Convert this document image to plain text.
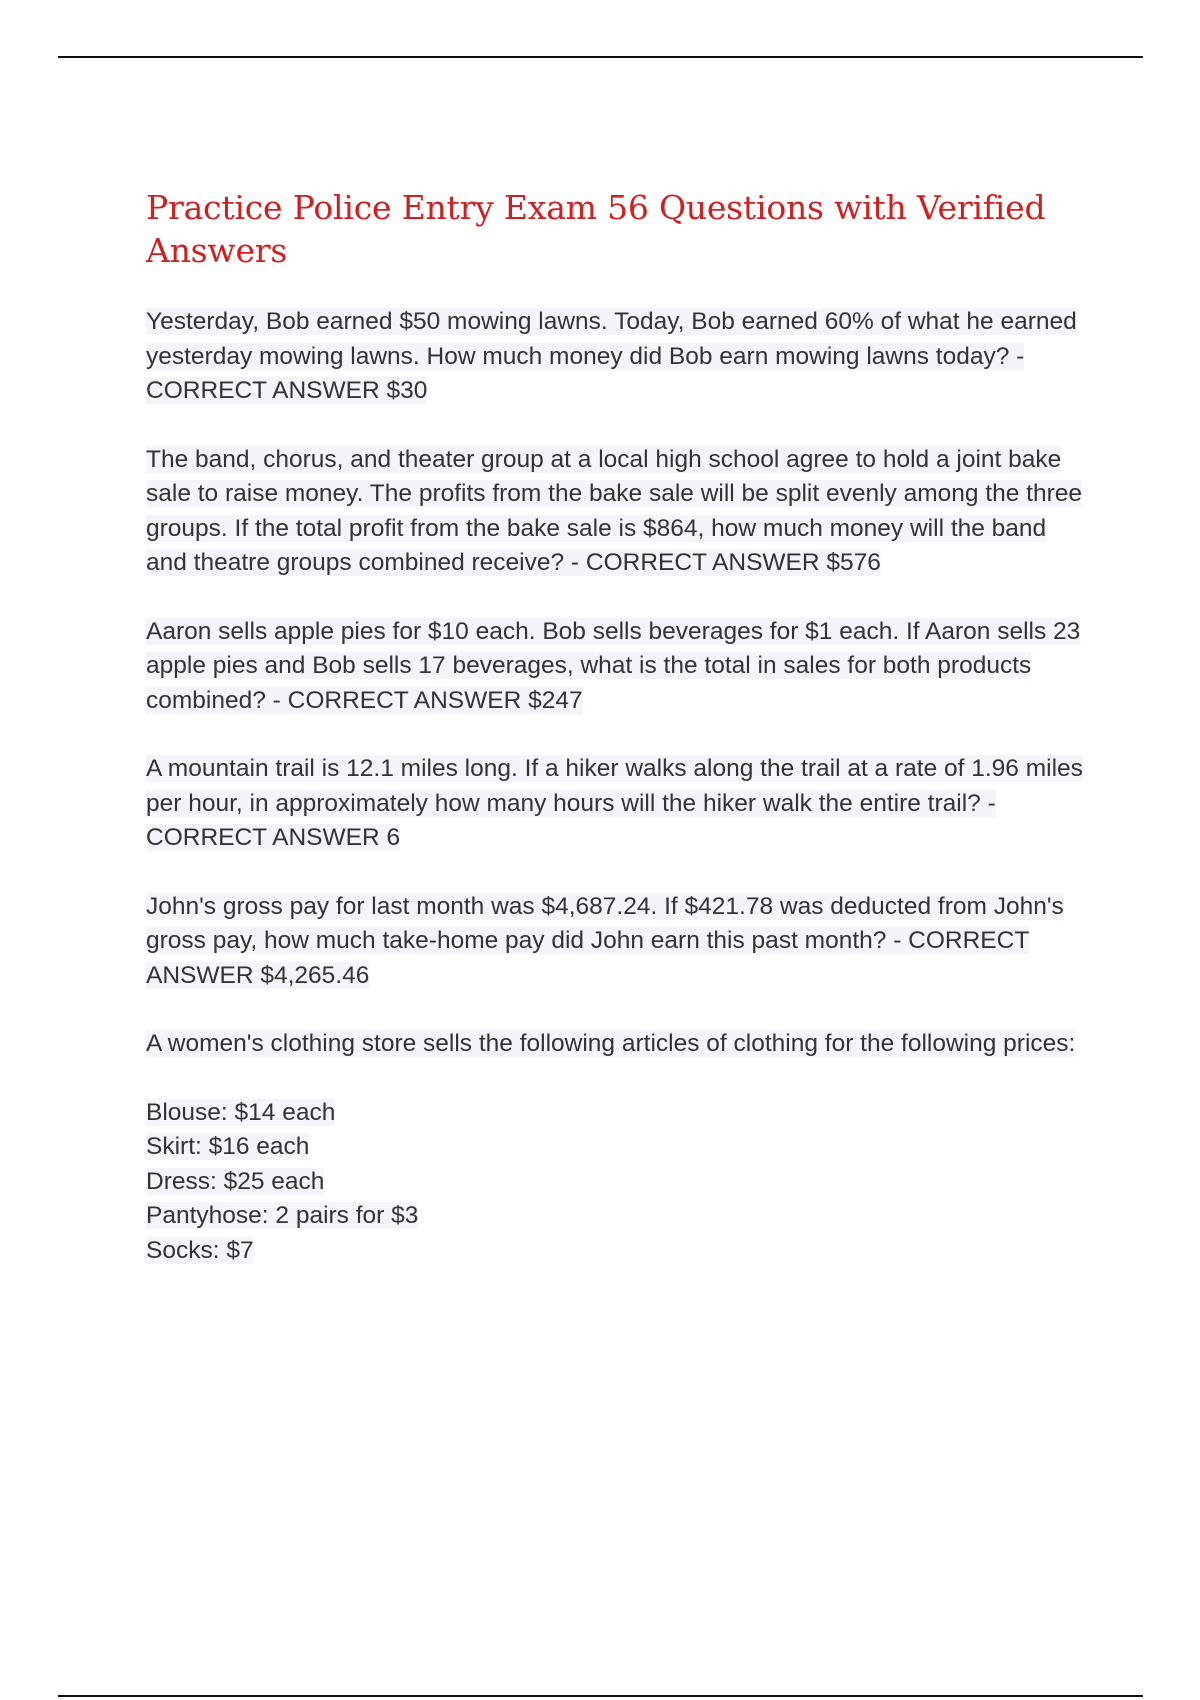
Practice Police Entry Exam 56 Questions with Verified Answers

Yesterday, Bob earned $50 mowing lawns. Today, Bob earned 60% of what he earned yesterday mowing lawns. How much money did Bob earn mowing lawns today? - CORRECT ANSWER $30

The band, chorus, and theater group at a local high school agree to hold a joint bake sale to raise money. The profits from the bake sale will be split evenly among the three groups. If the total profit from the bake sale is $864, how much money will the band and theatre groups combined receive? - CORRECT ANSWER $576

Aaron sells apple pies for $10 each. Bob sells beverages for $1 each. If Aaron sells 23 apple pies and Bob sells 17 beverages, what is the total in sales for both products combined? - CORRECT ANSWER $247

A mountain trail is 12.1 miles long. If a hiker walks along the trail at a rate of 1.96 miles per hour, in approximately how many hours will the hiker walk the entire trail? - CORRECT ANSWER 6

John's gross pay for last month was $4,687.24. If $421.78 was deducted from John's gross pay, how much take-home pay did John earn this past month? - CORRECT ANSWER $4,265.46

A women's clothing store sells the following articles of clothing for the following prices:

Blouse: $14 each
Skirt: $16 each
Dress: $25 each
Pantyhose: 2 pairs for $3
Socks: $7
